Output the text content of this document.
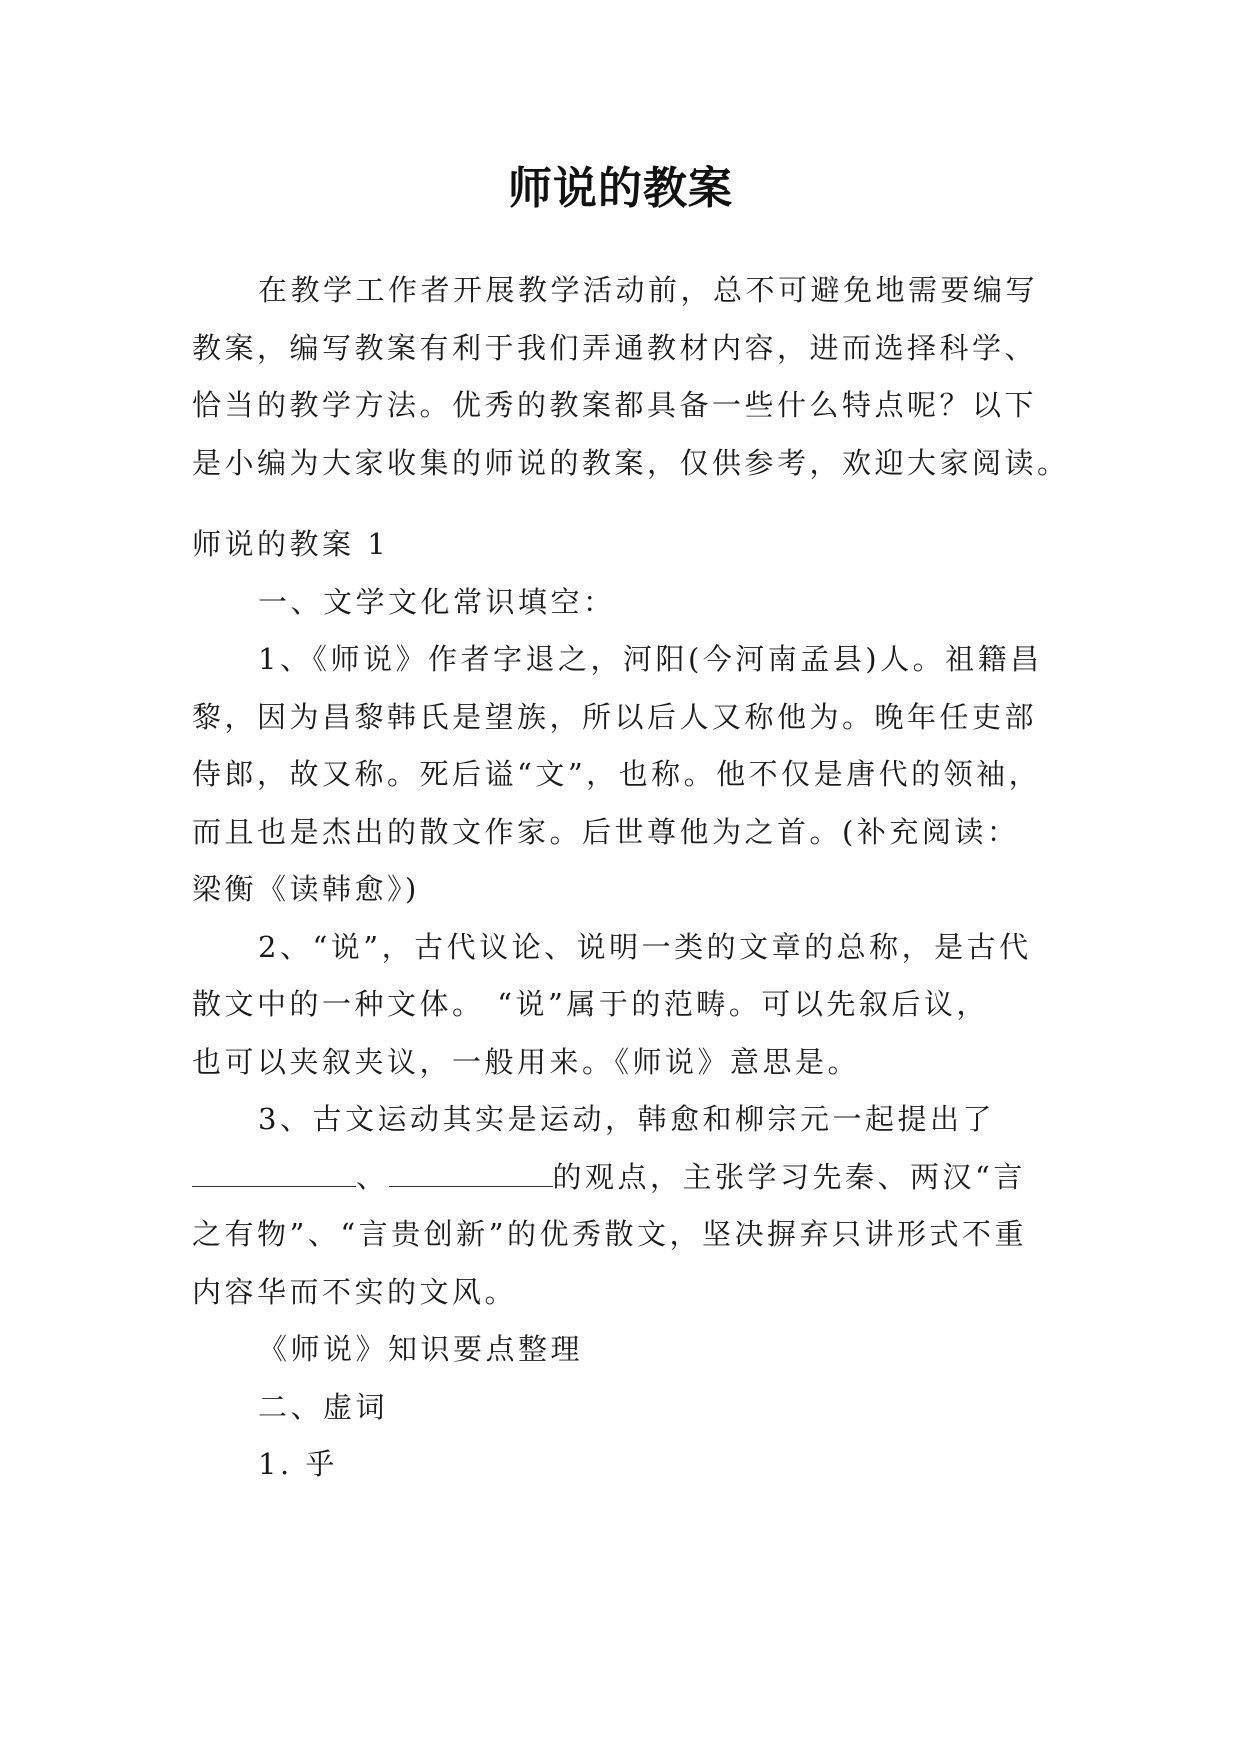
师说的教案
在教学工作者开展教学活动前，总不可避免地需要编写
教案，编写教案有利于我们弄通教材内容，进而选择科学、
恰当的教学方法。优秀的教案都具备一些什么特点呢？以下
是小编为大家收集的师说的教案，仅供参考，欢迎大家阅读。
师说的教案 1
一、文学文化常识填空：
1、《师说》作者字退之，河阳(今河南孟县)人。祖籍昌
黎，因为昌黎韩氏是望族，所以后人又称他为。晚年任吏部
侍郎，故又称。死后谥“文”，也称。他不仅是唐代的领袖，
而且也是杰出的散文作家。后世尊他为之首。(补充阅读：
梁衡《读韩愈》)
2、“说”，古代议论、说明一类的文章的总称，是古代
散文中的一种文体。 “说”属于的范畴。可以先叙后议，
也可以夹叙夹议，一般用来。《师说》意思是。
3、古文运动其实是运动，韩愈和柳宗元一起提出了
、	的观点，主张学习先秦、两汉“言
之有物”、“言贵创新”的优秀散文，坚决摒弃只讲形式不重
内容华而不实的文风。
《师说》知识要点整理
二、虚词
1. 乎
